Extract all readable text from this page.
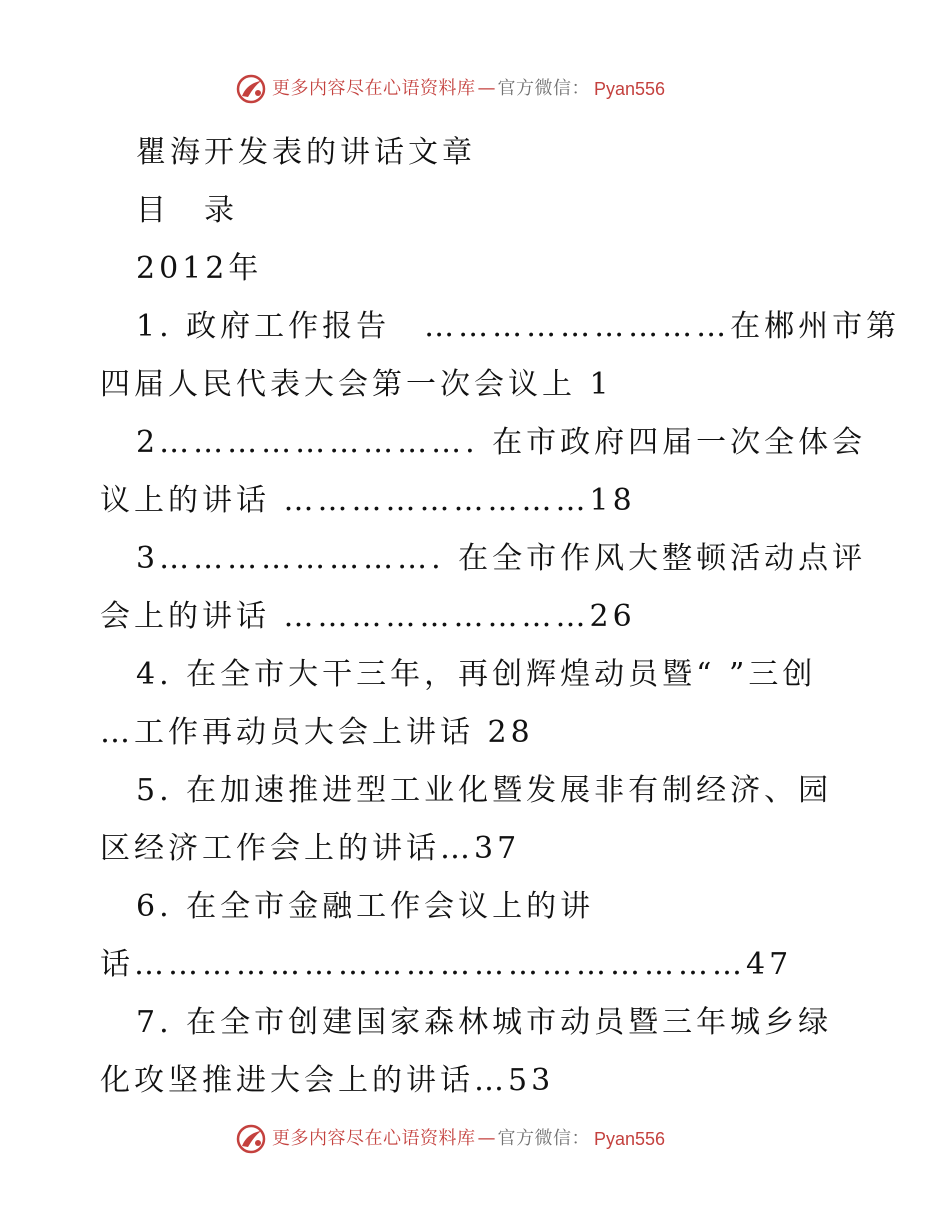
更多内容尽在心语资料库 — 官方微信： Pyan556
瞿海开发表的讲话文章
目　录
2012年
1. 政府工作报告　………………………在郴州市第
四届人民代表大会第一次会议上 1
2………………………. 在市政府四届一次全体会
议上的讲话 ………………………18
3……………………. 在全市作风大整顿活动点评
会上的讲话 ………………………26
4. 在全市大干三年，再创辉煌动员暨“ ”三创
…工作再动员大会上讲话 28
5. 在加速推进型工业化暨发展非有制经济、园
区经济工作会上的讲话…37
6. 在全市金融工作会议上的讲
话………………………………………………47
7. 在全市创建国家森林城市动员暨三年城乡绿
化攻坚推进大会上的讲话…53
更多内容尽在心语资料库 — 官方微信： Pyan556
